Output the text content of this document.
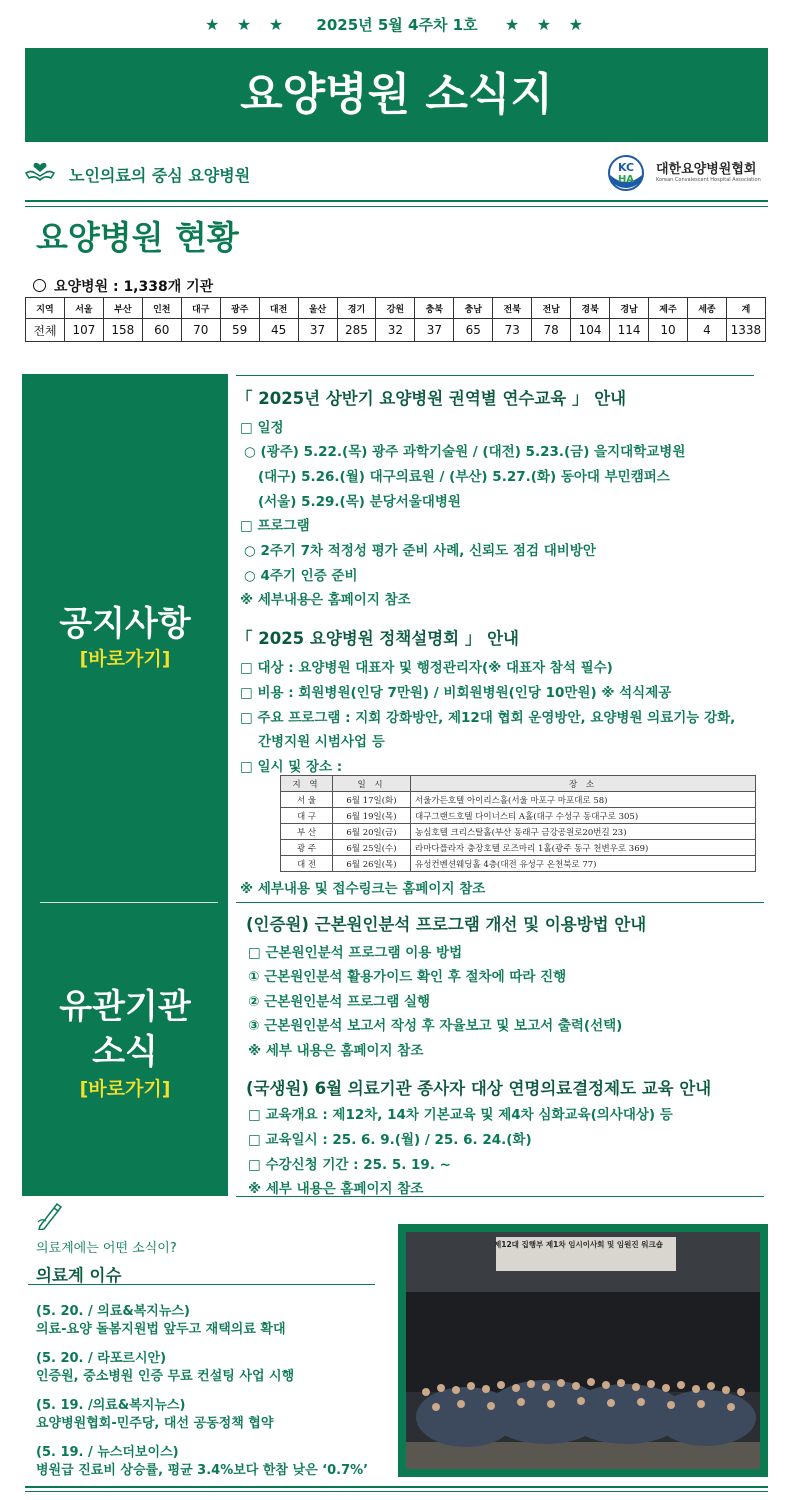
★ ★ ★ 2025년 5월 4주차 1호 ★ ★ ★
요양병원 소식지
노인의료의 중심 요양병원	KC
HA
대한요양병원협회
Korean Convalescent Hospital Association
요양병원 현황
요양병원 : 1,338개 기관
지역	서울	부산	인천	대구	광주	대전	울산	경기	강원	충북	충남	전북	전남	경북	경남	제주	세종	계
전체	107	158	60	70	59	45	37	285	32	37	65	73	78	104	114	10	4	1338
공지사항
[바로가기]
유관기관
소식
[바로가기]
「 2025년 상반기 요양병원 권역별 연수교육 」 안내
□ 일정
○ (광주) 5.22.(목) 광주 과학기술원 / (대전) 5.23.(금) 을지대학교병원
(대구) 5.26.(월) 대구의료원 / (부산) 5.27.(화) 동아대 부민캠퍼스
(서울) 5.29.(목) 분당서울대병원
□ 프로그램
○ 2주기 7차 적정성 평가 준비 사례, 신뢰도 점검 대비방안
○ 4주기 인증 준비
※ 세부내용은 홈페이지 참조
「 2025 요양병원 정책설명회 」 안내
□ 대상 : 요양병원 대표자 및 행정관리자(※ 대표자 참석 필수)
□ 비용 : 회원병원(인당 7만원) / 비회원병원(인당 10만원) ※ 석식제공
□ 주요 프로그램 : 지회 강화방안, 제12대 협회 운영방안, 요양병원 의료기능 강화,
간병지원 시범사업 등
□ 일시 및 장소 :
지 역	일 시	장 소
서 울	6월 17일(화)	서울가든호텔 아이리스홀(서울 마포구 마포대로 58)
대 구	6월 19일(목)	대구그랜드호텔 다이너스티 A홀(대구 수성구 동대구로 305)
부 산	6월 20일(금)	농심호텔 크리스탈홀(부산 동래구 금강공원로20번길 23)
광 주	6월 25일(수)	라마다플라자 충장호텔 로즈마리 1홀(광주 동구 천변우로 369)
대 전	6월 26일(목)	유성컨벤션웨딩홀 4층(대전 유성구 온천북로 77)
※ 세부내용 및 접수링크는 홈페이지 참조
(인증원) 근본원인분석 프로그램 개선 및 이용방법 안내
□ 근본원인분석 프로그램 이용 방법
① 근본원인분석 활용가이드 확인 후 절차에 따라 진행
② 근본원인분석 프로그램 실행
③ 근본원인분석 보고서 작성 후 자율보고 및 보고서 출력(선택)
※ 세부 내용은 홈페이지 참조
(국생원) 6월 의료기관 종사자 대상 연명의료결정제도 교육 안내
□ 교육개요 : 제12차, 14차 기본교육 및 제4차 심화교육(의사대상) 등
□ 교육일시 : 25. 6. 9.(월) / 25. 6. 24.(화)
□ 수강신청 기간 : 25. 5. 19. ~
※ 세부 내용은 홈페이지 참조
의료계에는 어떤 소식이?
의료계 이슈
(5. 20. / 의료&복지뉴스)
의료-요양 돌봄지원법 앞두고 재택의료 확대
(5. 20. / 라포르시안)
인증원, 중소병원 인증 무료 컨설팅 사업 시행
(5. 19. /의료&복지뉴스)
요양병원협회-민주당, 대선 공동정책 협약
(5. 19. / 뉴스더보이스)
병원급 진료비 상승률, 평균 3.4%보다 한참 낮은 ‘0.7%’
제12대 집행부 제1차 임시이사회 및 임원진 워크숍
